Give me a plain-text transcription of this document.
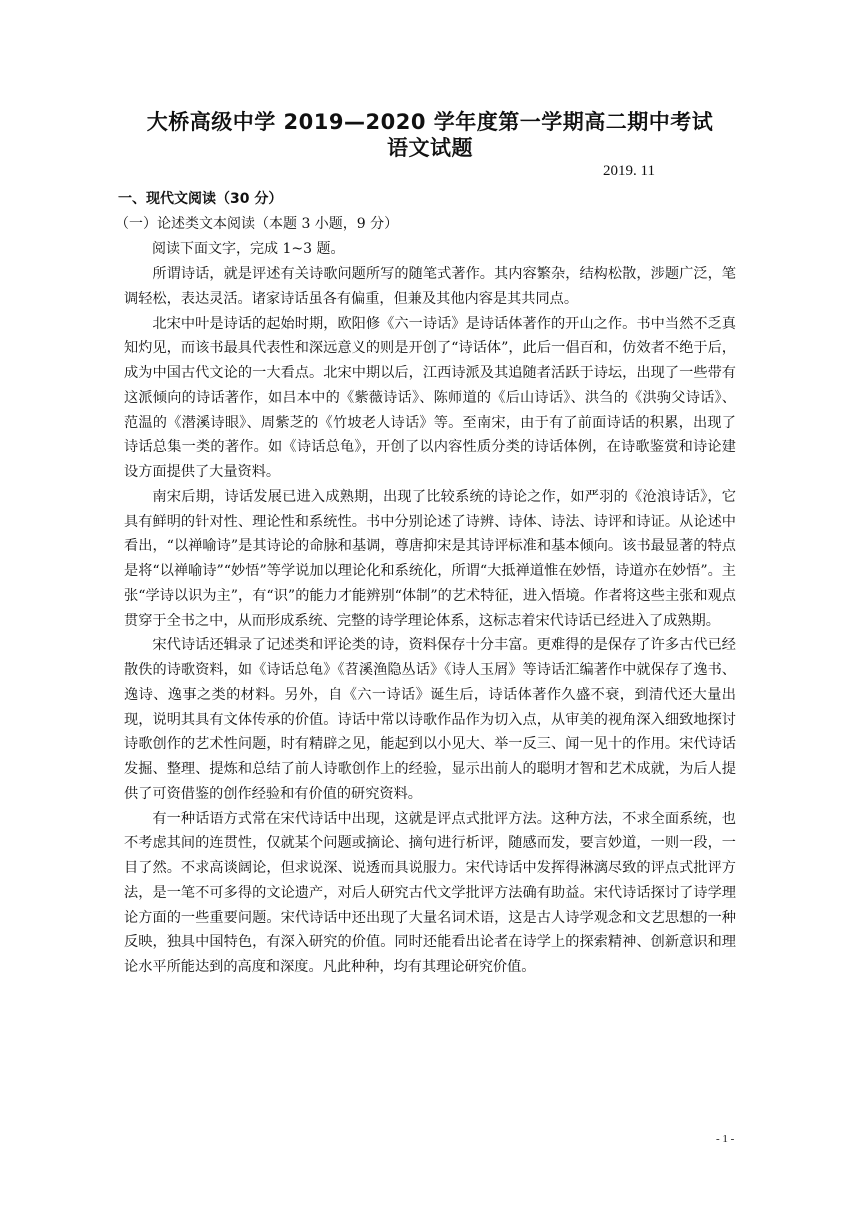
大桥高级中学 2019—2020 学年度第一学期高二期中考试
语文试题
2019. 11
一、现代文阅读（30 分）
（一）论述类文本阅读（本题 3 小题，9 分）
阅读下面文字，完成 1~3 题。

所谓诗话，就是评述有关诗歌问题所写的随笔式著作。其内容繁杂，结构松散，涉题广泛，笔调轻松，表达灵活。诸家诗话虽各有偏重，但兼及其他内容是其共同点。

北宋中叶是诗话的起始时期，欧阳修《六一诗话》是诗话体著作的开山之作。书中当然不乏真知灼见，而该书最具代表性和深远意义的则是开创了“诗话体”，此后一倡百和，仿效者不绝于后，成为中国古代文论的一大看点。北宋中期以后，江西诗派及其追随者活跃于诗坛，出现了一些带有这派倾向的诗话著作，如吕本中的《紫薇诗话》、陈师道的《后山诗话》、洪刍的《洪驹父诗话》、范温的《潜溪诗眼》、周紫芝的《竹坡老人诗话》等。至南宋，由于有了前面诗话的积累，出现了诗话总集一类的著作。如《诗话总龟》，开创了以内容性质分类的诗话体例，在诗歌鉴赏和诗论建设方面提供了大量资料。

南宋后期，诗话发展已进入成熟期，出现了比较系统的诗论之作，如严羽的《沧浪诗话》，它具有鲜明的针对性、理论性和系统性。书中分别论述了诗辨、诗体、诗法、诗评和诗证。从论述中看出，“以禅喻诗”是其诗论的命脉和基调，尊唐抑宋是其诗评标准和基本倾向。该书最显著的特点是将“以禅喻诗”“妙悟”等学说加以理论化和系统化，所谓“大抵禅道惟在妙悟，诗道亦在妙悟”。主张“学诗以识为主”，有“识”的能力才能辨别“体制”的艺术特征，进入悟境。作者将这些主张和观点贯穿于全书之中，从而形成系统、完整的诗学理论体系，这标志着宋代诗话已经进入了成熟期。

宋代诗话还辑录了记述类和评论类的诗，资料保存十分丰富。更难得的是保存了许多古代已经散佚的诗歌资料，如《诗话总龟》《苕溪渔隐丛话》《诗人玉屑》等诗话汇编著作中就保存了逸书、逸诗、逸事之类的材料。另外，自《六一诗话》诞生后，诗话体著作久盛不衰，到清代还大量出现，说明其具有文体传承的价值。诗话中常以诗歌作品作为切入点，从审美的视角深入细致地探讨诗歌创作的艺术性问题，时有精辟之见，能起到以小见大、举一反三、闻一见十的作用。宋代诗话发掘、整理、提炼和总结了前人诗歌创作上的经验，显示出前人的聪明才智和艺术成就，为后人提供了可资借鉴的创作经验和有价值的研究资料。

有一种话语方式常在宋代诗话中出现，这就是评点式批评方法。这种方法，不求全面系统，也不考虑其间的连贯性，仅就某个问题或摘论、摘句进行析评，随感而发，要言妙道，一则一段，一目了然。不求高谈阔论，但求说深、说透而具说服力。宋代诗话中发挥得淋漓尽致的评点式批评方法，是一笔不可多得的文论遗产，对后人研究古代文学批评方法确有助益。宋代诗话探讨了诗学理论方面的一些重要问题。宋代诗话中还出现了大量名词术语，这是古人诗学观念和文艺思想的一种反映，独具中国特色，有深入研究的价值。同时还能看出论者在诗学上的探索精神、创新意识和理论水平所能达到的高度和深度。凡此种种，均有其理论研究价值。

- 1 -
